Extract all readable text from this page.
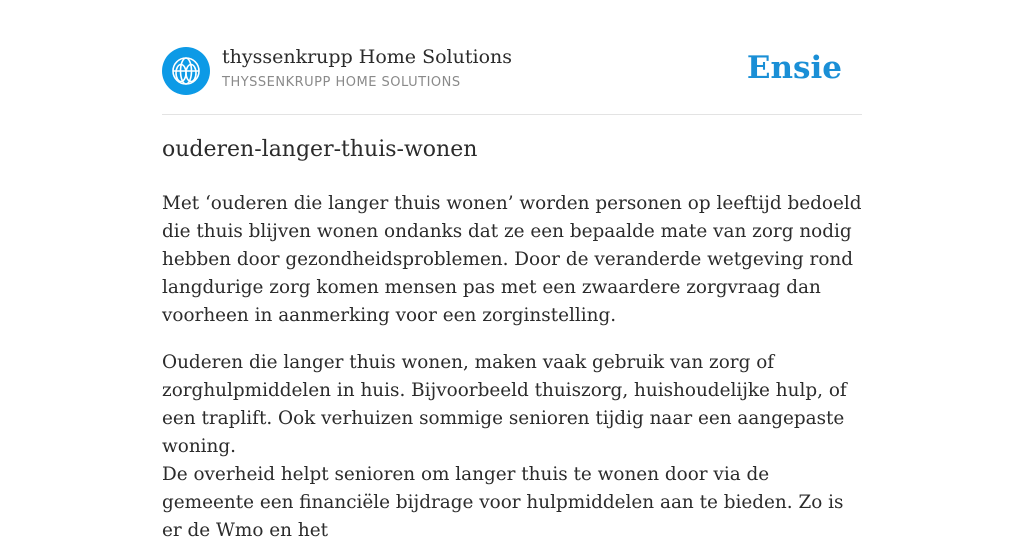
thyssenkrupp Home Solutions
THYSSENKRUPP HOME SOLUTIONS	Ensie
ouderen-langer-thuis-wonen

Met ‘ouderen die langer thuis wonen’ worden personen op leeftijd bedoeld die thuis blijven wonen ondanks dat ze een bepaalde mate van zorg nodig hebben door gezondheidsproblemen. Door de veranderde wetgeving rond langdurige zorg komen mensen pas met een zwaardere zorgvraag dan voorheen in aanmerking voor een zorginstelling.

Ouderen die langer thuis wonen, maken vaak gebruik van zorg of zorghulpmiddelen in huis. Bijvoorbeeld thuiszorg, huishoudelijke hulp, of een traplift. Ook verhuizen sommige senioren tijdig naar een aangepaste woning.

De overheid helpt senioren om langer thuis te wonen door via de gemeente een financiële bijdrage voor hulpmiddelen aan te bieden. Zo is er de Wmo en het
